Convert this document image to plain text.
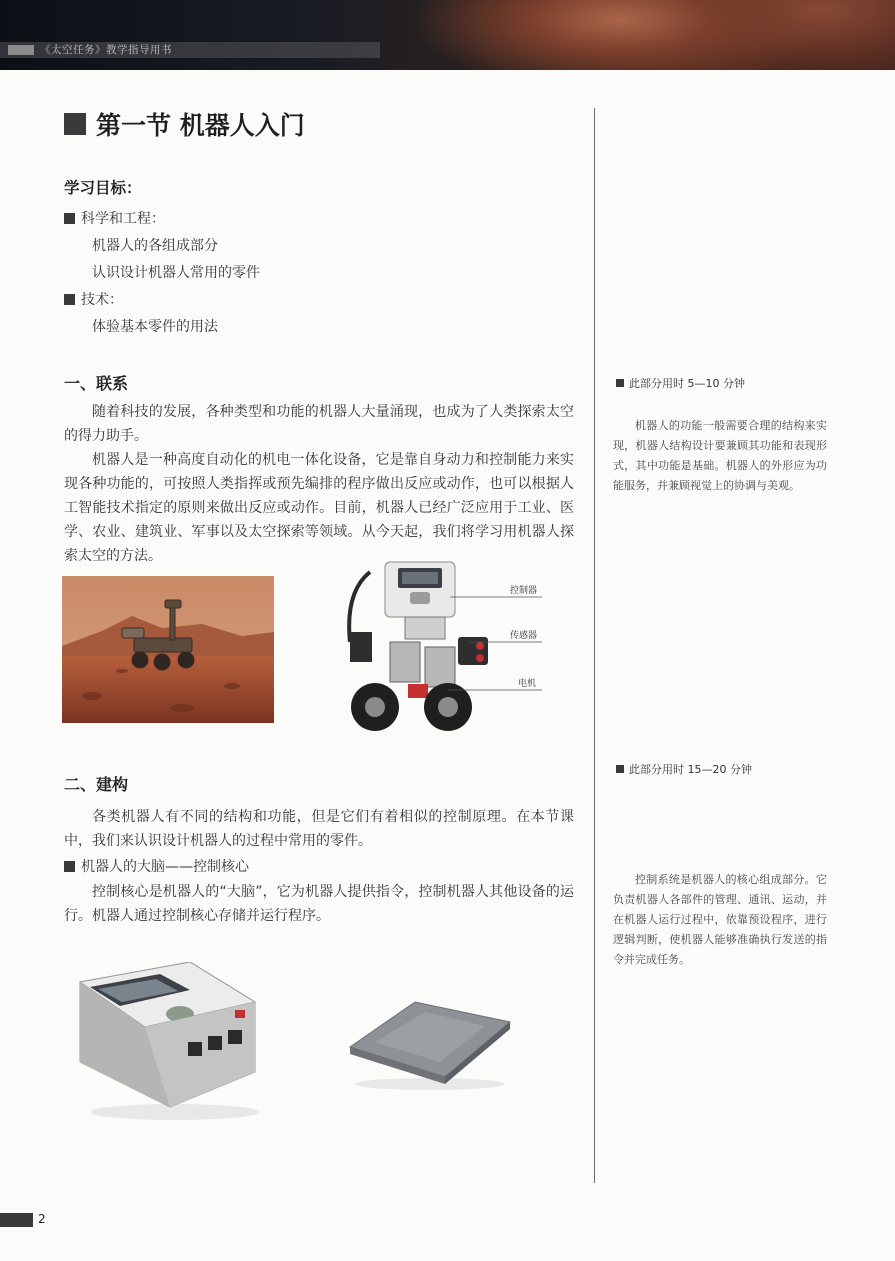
《太空任务》教学指导用书
第一节 机器人入门
学习目标：
科学和工程：
机器人的各组成部分
认识设计机器人常用的零件
技术：
体验基本零件的用法
一、联系

随着科技的发展，各种类型和功能的机器人大量涌现，也成为了人类探索太空的得力助手。

机器人是一种高度自动化的机电一体化设备，它是靠自身动力和控制能力来实现各种功能的，可按照人类指挥或预先编排的程序做出反应或动作，也可以根据人工智能技术指定的原则来做出反应或动作。目前，机器人已经广泛应用于工业、医学、农业、建筑业、军事以及太空探索等领域。从今天起，我们将学习用机器人探索太空的方法。

控制器
传感器
电机
二、建构

各类机器人有不同的结构和功能，但是它们有着相似的控制原理。在本节课中，我们来认识设计机器人的过程中常用的零件。

机器人的大脑——控制核心

控制核心是机器人的“大脑”，它为机器人提供指令，控制机器人其他设备的运行。机器人通过控制核心存储并运行程序。

此部分用时 5—10 分钟

机器人的功能一般需要合理的结构来实现，机器人结构设计要兼顾其功能和表现形式，其中功能是基础。机器人的外形应为功能服务，并兼顾视觉上的协调与美观。

此部分用时 15—20 分钟

控制系统是机器人的核心组成部分。它负责机器人各部件的管理、通讯、运动，并在机器人运行过程中，依靠预设程序，进行逻辑判断，使机器人能够准确执行发送的指令并完成任务。

2
